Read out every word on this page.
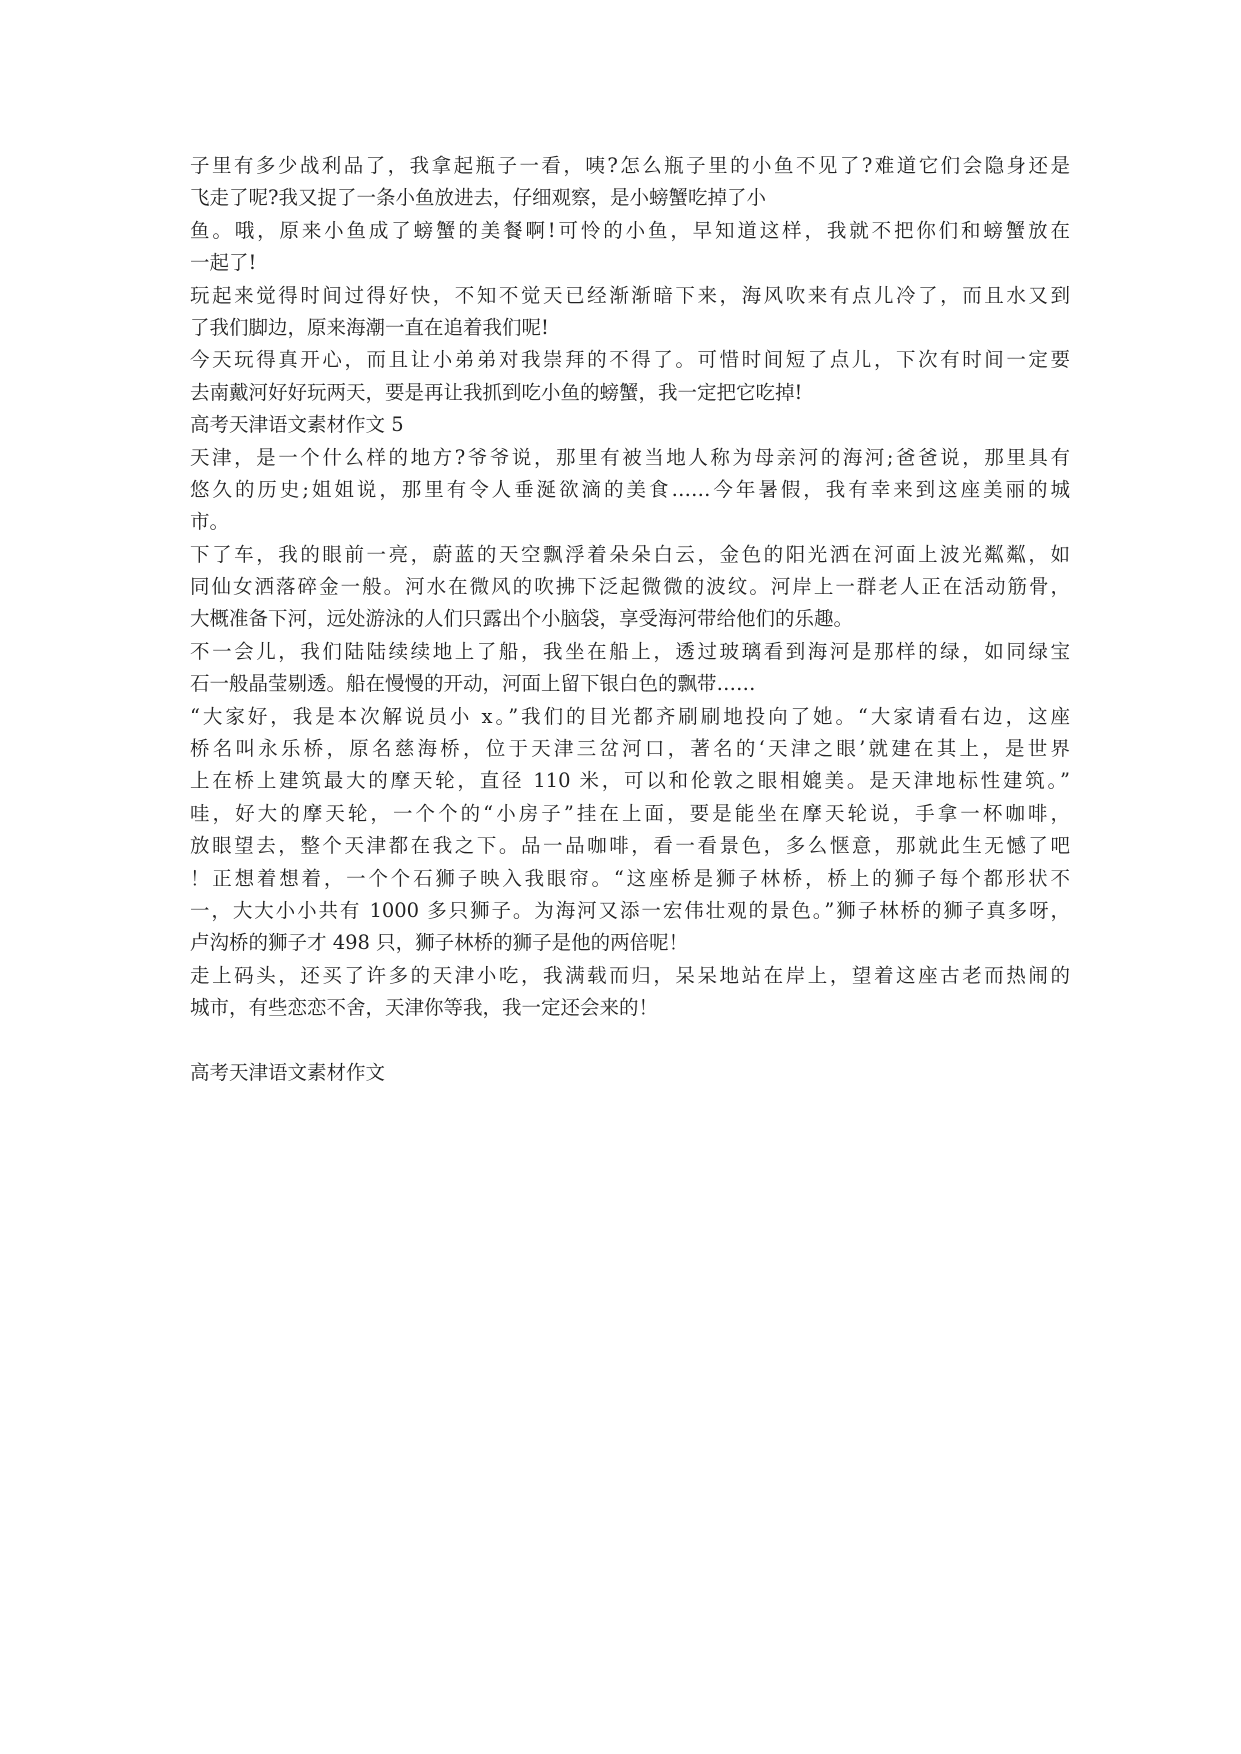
子里有多少战利品了，我拿起瓶子一看，咦?怎么瓶子里的小鱼不见了?难道它们会隐身还是
飞走了呢?我又捉了一条小鱼放进去，仔细观察，是小螃蟹吃掉了小
鱼。哦，原来小鱼成了螃蟹的美餐啊!可怜的小鱼，早知道这样，我就不把你们和螃蟹放在
一起了!
玩起来觉得时间过得好快，不知不觉天已经渐渐暗下来，海风吹来有点儿冷了，而且水又到
了我们脚边，原来海潮一直在追着我们呢!
今天玩得真开心，而且让小弟弟对我崇拜的不得了。可惜时间短了点儿，下次有时间一定要
去南戴河好好玩两天，要是再让我抓到吃小鱼的螃蟹，我一定把它吃掉!
高考天津语文素材作文 5
天津，是一个什么样的地方?爷爷说，那里有被当地人称为母亲河的海河;爸爸说，那里具有
悠久的历史;姐姐说，那里有令人垂涎欲滴的美食……今年暑假，我有幸来到这座美丽的城
市。
下了车，我的眼前一亮，蔚蓝的天空飘浮着朵朵白云，金色的阳光洒在河面上波光粼粼，如
同仙女洒落碎金一般。河水在微风的吹拂下泛起微微的波纹。河岸上一群老人正在活动筋骨，
大概准备下河，远处游泳的人们只露出个小脑袋，享受海河带给他们的乐趣。
不一会儿，我们陆陆续续地上了船，我坐在船上，透过玻璃看到海河是那样的绿，如同绿宝
石一般晶莹剔透。船在慢慢的开动，河面上留下银白色的飘带……
“大家好，我是本次解说员小 x。”我们的目光都齐刷刷地投向了她。“大家请看右边，这座
桥名叫永乐桥，原名慈海桥，位于天津三岔河口，著名的‘天津之眼’就建在其上，是世界
上在桥上建筑最大的摩天轮，直径 110 米，可以和伦敦之眼相媲美。是天津地标性建筑。”
哇，好大的摩天轮，一个个的“小房子”挂在上面，要是能坐在摩天轮说，手拿一杯咖啡，
放眼望去，整个天津都在我之下。品一品咖啡，看一看景色，多么惬意，那就此生无憾了吧
！正想着想着，一个个石狮子映入我眼帘。“这座桥是狮子林桥，桥上的狮子每个都形状不
一，大大小小共有 1000 多只狮子。为海河又添一宏伟壮观的景色。”狮子林桥的狮子真多呀，
卢沟桥的狮子才 498 只，狮子林桥的狮子是他的两倍呢！
走上码头，还买了许多的天津小吃，我满载而归，呆呆地站在岸上，望着这座古老而热闹的
城市，有些恋恋不舍，天津你等我，我一定还会来的！
高考天津语文素材作文
